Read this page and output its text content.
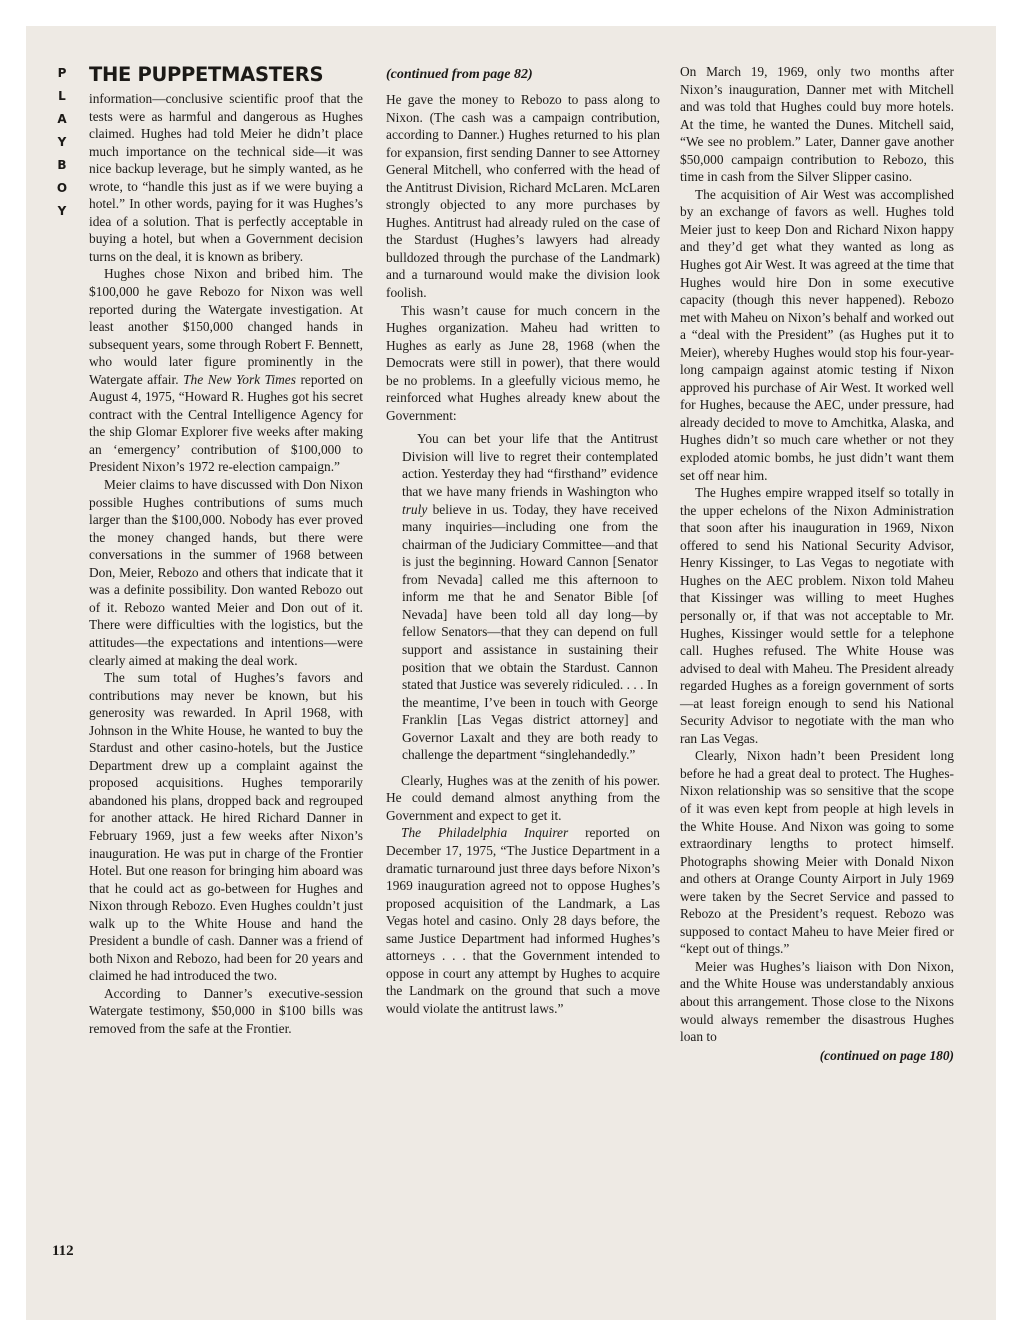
P
L
A
Y
B
O
Y
112
THE PUPPETMASTERS

information—conclusive scientific proof that the tests were as harmful and dangerous as Hughes claimed. Hughes had told Meier he didn’t place much importance on the technical side—it was nice backup leverage, but he simply wanted, as he wrote, to “handle this just as if we were buying a hotel.” In other words, paying for it was Hughes’s idea of a solution. That is perfectly acceptable in buying a hotel, but when a Government decision turns on the deal, it is known as bribery.

Hughes chose Nixon and bribed him. The $100,000 he gave Rebozo for Nixon was well reported during the Watergate investigation. At least another $150,000 changed hands in subsequent years, some through Robert F. Bennett, who would later figure prominently in the Watergate affair. The New York Times reported on August 4, 1975, “Howard R. Hughes got his secret contract with the Central Intelligence Agency for the ship Glomar Explorer five weeks after making an ‘emergency’ contribution of $100,000 to President Nixon’s 1972 re-election campaign.”

Meier claims to have discussed with Don Nixon possible Hughes contributions of sums much larger than the $100,000. Nobody has ever proved the money changed hands, but there were conversations in the summer of 1968 between Don, Meier, Rebozo and others that indicate that it was a definite possibility. Don wanted Rebozo out of it. Rebozo wanted Meier and Don out of it. There were difficulties with the logistics, but the attitudes—the expectations and intentions—were clearly aimed at making the deal work.

The sum total of Hughes’s favors and contributions may never be known, but his generosity was rewarded. In April 1968, with Johnson in the White House, he wanted to buy the Stardust and other casino-hotels, but the Justice Department drew up a complaint against the proposed acquisitions. Hughes temporarily abandoned his plans, dropped back and regrouped for another attack. He hired Richard Danner in February 1969, just a few weeks after Nixon’s inauguration. He was put in charge of the Frontier Hotel. But one reason for bringing him aboard was that he could act as go-between for Hughes and Nixon through Rebozo. Even Hughes couldn’t just walk up to the White House and hand the President a bundle of cash. Danner was a friend of both Nixon and Rebozo, had been for 20 years and claimed he had introduced the two.

According to Danner’s executive-session Watergate testimony, $50,000 in $100 bills was removed from the safe at the Frontier.

(continued from page 82)

He gave the money to Rebozo to pass along to Nixon. (The cash was a campaign contribution, according to Danner.) Hughes returned to his plan for expansion, first sending Danner to see Attorney General Mitchell, who conferred with the head of the Antitrust Division, Richard McLaren. McLaren strongly objected to any more purchases by Hughes. Antitrust had already ruled on the case of the Stardust (Hughes’s lawyers had already bulldozed through the purchase of the Landmark) and a turnaround would make the division look foolish.

This wasn’t cause for much concern in the Hughes organization. Maheu had written to Hughes as early as June 28, 1968 (when the Democrats were still in power), that there would be no problems. In a gleefully vicious memo, he reinforced what Hughes already knew about the Government:

You can bet your life that the Antitrust Division will live to regret their contemplated action. Yesterday they had “firsthand” evidence that we have many friends in Washington who truly believe in us. Today, they have received many inquiries—including one from the chairman of the Judiciary Committee—and that is just the beginning. Howard Cannon [Senator from Nevada] called me this afternoon to inform me that he and Senator Bible [of Nevada] have been told all day long—by fellow Senators—that they can depend on full support and assistance in sustaining their position that we obtain the Stardust. Cannon stated that Justice was severely ridiculed. . . . In the meantime, I’ve been in touch with George Franklin [Las Vegas district attorney] and Governor Laxalt and they are both ready to challenge the department “singlehandedly.”

Clearly, Hughes was at the zenith of his power. He could demand almost anything from the Government and expect to get it.

The Philadelphia Inquirer reported on December 17, 1975, “The Justice Department in a dramatic turnaround just three days before Nixon’s 1969 inauguration agreed not to oppose Hughes’s proposed acquisition of the Landmark, a Las Vegas hotel and casino. Only 28 days before, the same Justice Department had informed Hughes’s attorneys . . . that the Government intended to oppose in court any attempt by Hughes to acquire the Landmark on the ground that such a move would violate the antitrust laws.”

On March 19, 1969, only two months after Nixon’s inauguration, Danner met with Mitchell and was told that Hughes could buy more hotels. At the time, he wanted the Dunes. Mitchell said, “We see no problem.” Later, Danner gave another $50,000 campaign contribution to Rebozo, this time in cash from the Silver Slipper casino.

The acquisition of Air West was accomplished by an exchange of favors as well. Hughes told Meier just to keep Don and Richard Nixon happy and they’d get what they wanted as long as Hughes got Air West. It was agreed at the time that Hughes would hire Don in some executive capacity (though this never happened). Rebozo met with Maheu on Nixon’s behalf and worked out a “deal with the President” (as Hughes put it to Meier), whereby Hughes would stop his four-year-long campaign against atomic testing if Nixon approved his purchase of Air West. It worked well for Hughes, because the AEC, under pressure, had already decided to move to Amchitka, Alaska, and Hughes didn’t so much care whether or not they exploded atomic bombs, he just didn’t want them set off near him.

The Hughes empire wrapped itself so totally in the upper echelons of the Nixon Administration that soon after his inauguration in 1969, Nixon offered to send his National Security Advisor, Henry Kissinger, to Las Vegas to negotiate with Hughes on the AEC problem. Nixon told Maheu that Kissinger was willing to meet Hughes personally or, if that was not acceptable to Mr. Hughes, Kissinger would settle for a telephone call. Hughes refused. The White House was advised to deal with Maheu. The President already regarded Hughes as a foreign government of sorts—at least foreign enough to send his National Security Advisor to negotiate with the man who ran Las Vegas.

Clearly, Nixon hadn’t been President long before he had a great deal to protect. The Hughes-Nixon relationship was so sensitive that the scope of it was even kept from people at high levels in the White House. And Nixon was going to some extraordinary lengths to protect himself. Photographs showing Meier with Donald Nixon and others at Orange County Airport in July 1969 were taken by the Secret Service and passed to Rebozo at the President’s request. Rebozo was supposed to contact Maheu to have Meier fired or “kept out of things.”

Meier was Hughes’s liaison with Don Nixon, and the White House was understandably anxious about this arrangement. Those close to the Nixons would always remember the disastrous Hughes loan to

(continued on page 180)
